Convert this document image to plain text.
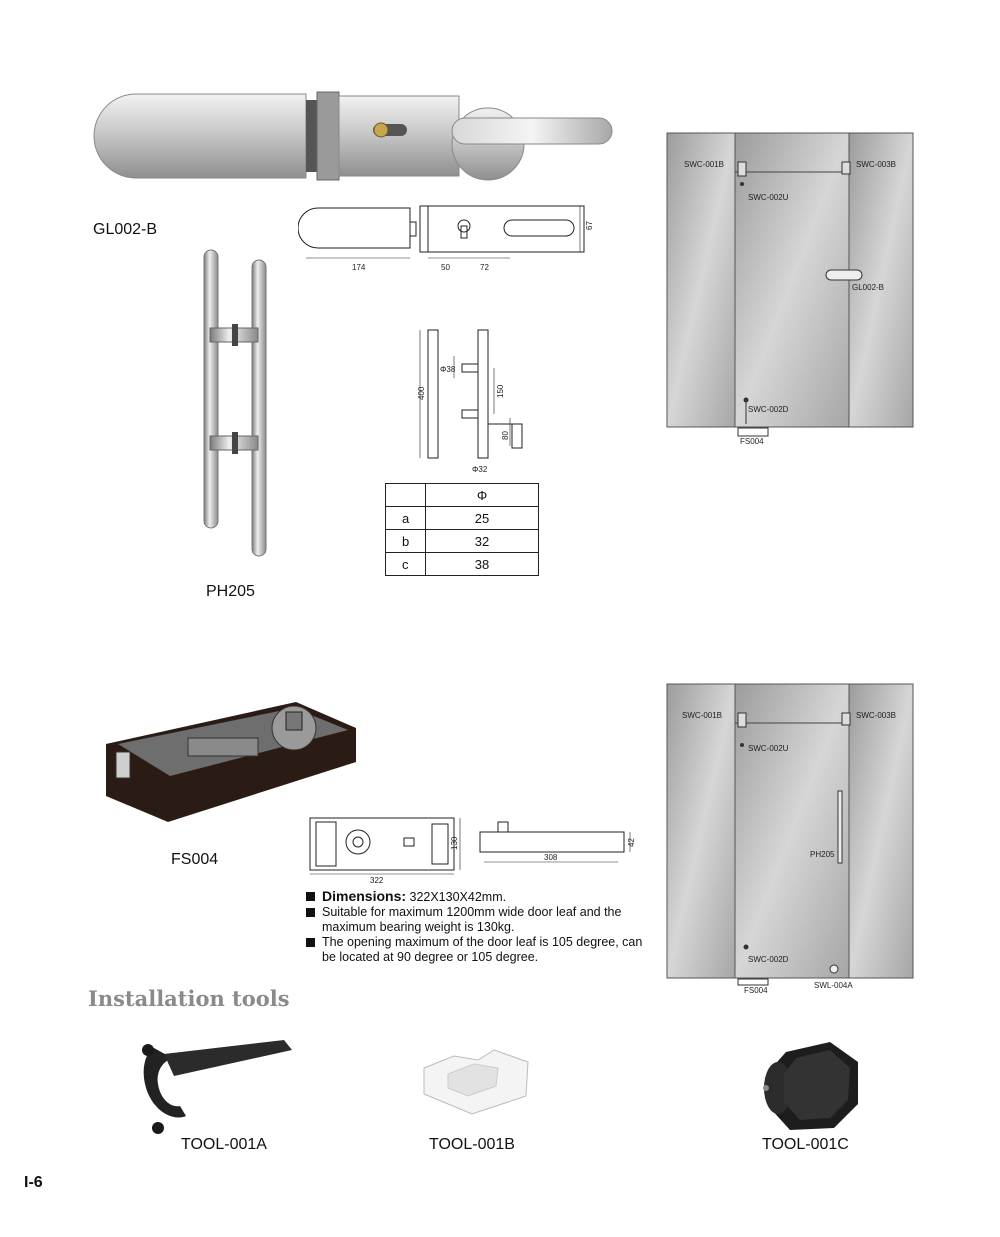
GL002-B
174	50	72
67
PH205
400	150
80
Φ38
Φ32
	Φ
a	25
b	32
c	38
SWC-001B	SWC-003B
SWC-002U
GL002-B
SWC-002D
FS004
FS004
322
130
308
42
Dimensions: 322X130X42mm.
Suitable for maximum 1200mm wide door leaf and the maximum bearing weight is 130kg.
The opening maximum of the door leaf is 105 degree, can be located at 90 degree or 105 degree.
SWC-001B	SWC-003B
SWC-002U
PH205
SWC-002D
FS004
SWL-004A
Installation tools
TOOL-001A	TOOL-001B	TOOL-001C
I-6
